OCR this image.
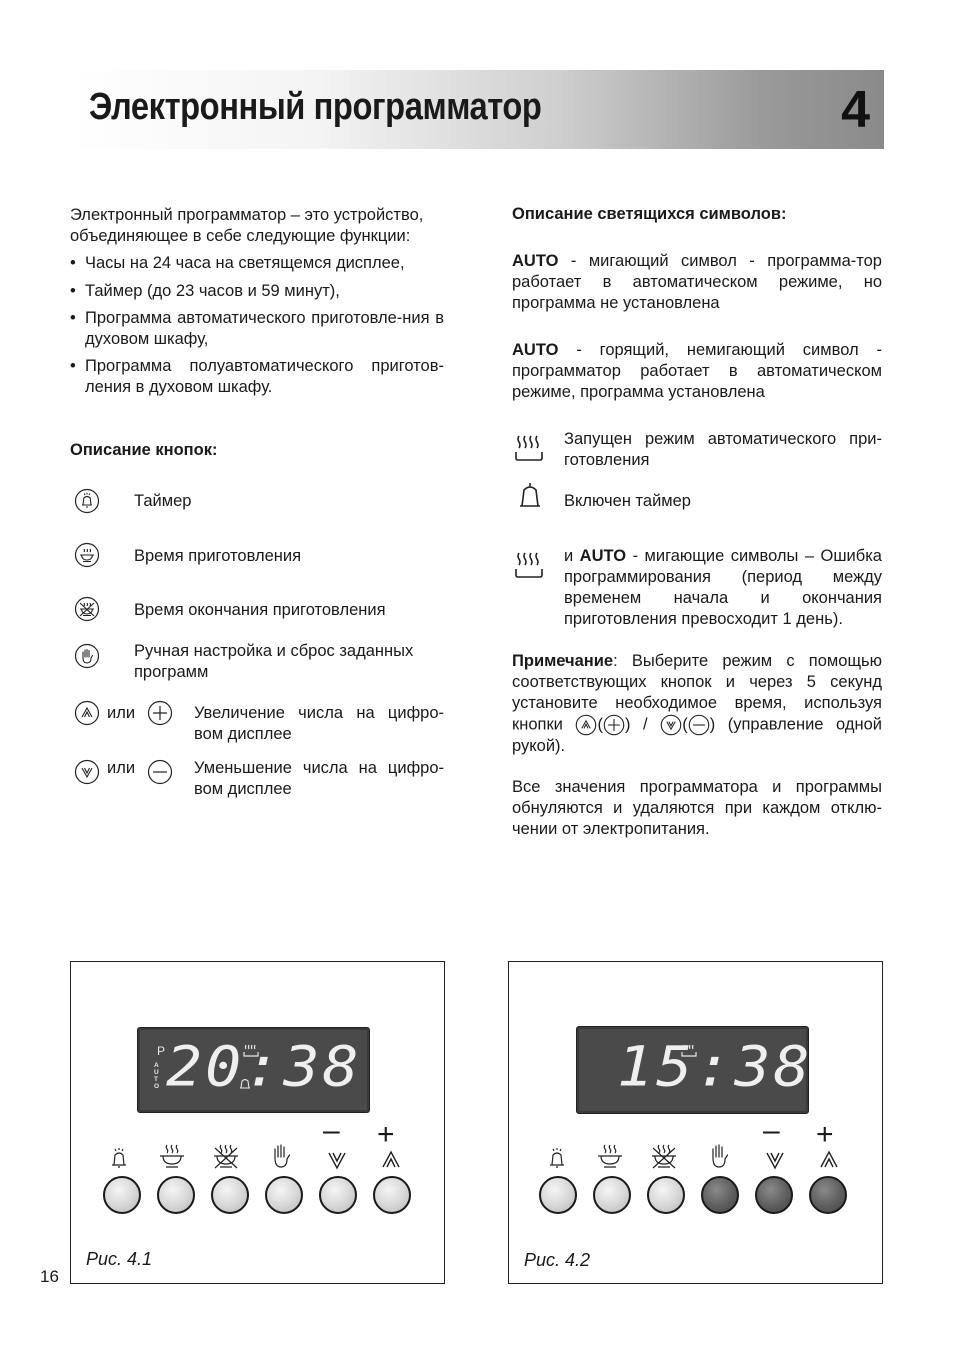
Электронный программатор	4
Электронный программатор – это устройство, объединяющее в себе следующие функции:
• Часы на 24 часа на светящемся дисплее,
• Таймер (до 23 часов и 59 минут),
• Программа автоматического приготовле-ния в духовом шкафу,
• Программа полуавтоматического приготов-ления в духовом шкафу.
Описание кнопок:
Таймер
Время приготовления
Время окончания приготовления
Ручная настройка и сброс заданных программ
или	Увеличение числа на цифро-вом дисплее
или	Уменьшение числа на цифро-вом дисплее
Описание светящихся символов:
AUTO - мигающий символ - программа-тор работает в автоматическом режиме, но программа не установлена
AUTO - горящий, немигающий символ - программатор работает в автоматическом режиме, программа установлена
Запущен режим автоматического при-готовления
Включен таймер
и AUTO - мигающие символы – Ошибка программирования (период между временем начала и окончания приготовления превосходит 1 день).
Примечание: Выберите режим с помощью соответствующих кнопок и через 5 секунд установите необходимое время, используя кнопки ( ) / ( ) (управление одной рукой).
Все значения программатора и программы обнуляются и удаляются при каждом отклю-чении от электропитания.
P
AUTO 20:38
– +
Рис. 4.1
15:38
– +
Рис. 4.2
16
